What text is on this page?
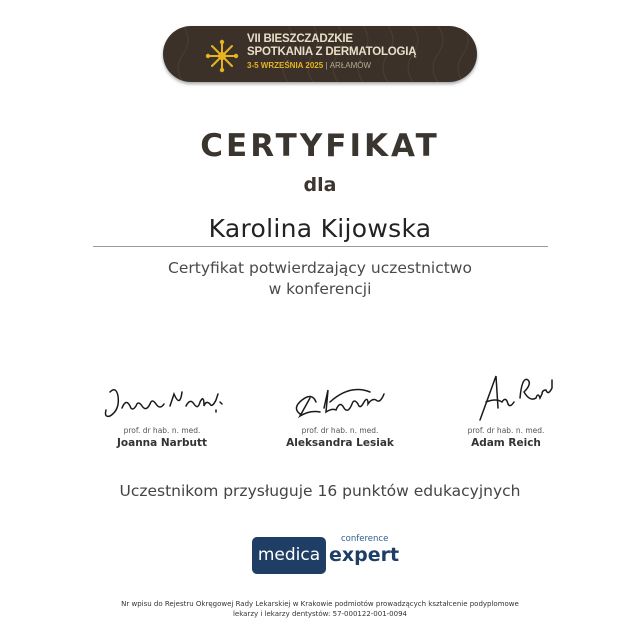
VII BIESZCZADZKIE
SPOTKANIA Z DERMATOLOGIĄ
3-5 WRZEŚNIA 2025 | ARŁAMÓW
CERTYFIKAT
dla
Karolina Kijowska
Certyfikat potwierdzający uczestnictwo
w konferencji
prof. dr hab. n. med.
Joanna Narbutt
prof. dr hab. n. med.
Aleksandra Lesiak
prof. dr hab. n. med.
Adam Reich
Uczestnikom przysługuje 16 punktów edukacyjnych
conference
medica expert
Nr wpisu do Rejestru Okręgowej Rady Lekarskiej w Krakowie podmiotów prowadzących kształcenie podyplomowe
lekarzy i lekarzy dentystów: 57-000122-001-0094
